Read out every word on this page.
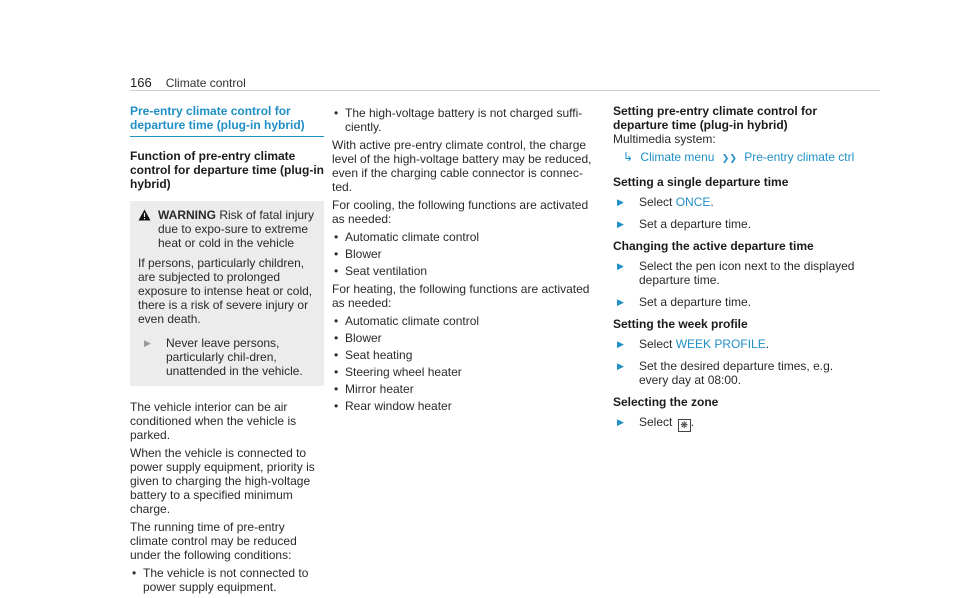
166 Climate control
Pre-entry climate control for departure time (plug-in hybrid)
Function of pre-entry climate control for departure time (plug-in hybrid)
WARNING Risk of fatal injury due to expo-sure to extreme heat or cold in the vehicle
If persons, particularly children, are subjected to prolonged exposure to intense heat or cold, there is a risk of severe injury or even death.
▶	Never leave persons, particularly chil-dren, unattended in the vehicle.

The vehicle interior can be air conditioned when the vehicle is parked.

When the vehicle is connected to power supply equipment, priority is given to charging the high-voltage battery to a specified minimum charge.

The running time of pre-entry climate control may be reduced under the following conditions:

• The vehicle is not connected to power supply equipment.
• The high-voltage battery is not charged suffi-ciently.

With active pre-entry climate control, the charge level of the high-voltage battery may be reduced, even if the charging cable connector is connec-ted.

For cooling, the following functions are activated as needed:

• Automatic climate control
• Blower
• Seat ventilation

For heating, the following functions are activated as needed:

• Automatic climate control
• Blower
• Seat heating
• Steering wheel heater
• Mirror heater
• Rear window heater
Setting pre-entry climate control for departure time (plug-in hybrid)
Multimedia system:
↳ Climate menu ❯❯ Pre-entry climate ctrl
Setting a single departure time
▶	Select ONCE.
▶	Set a departure time.
Changing the active departure time
▶	Select the pen icon next to the displayed departure time.
▶	Set a departure time.
Setting the week profile
▶	Select WEEK PROFILE.
▶	Set the desired departure times, e.g. every day at 08:00.
Selecting the zone
▶	Select ❋ .
